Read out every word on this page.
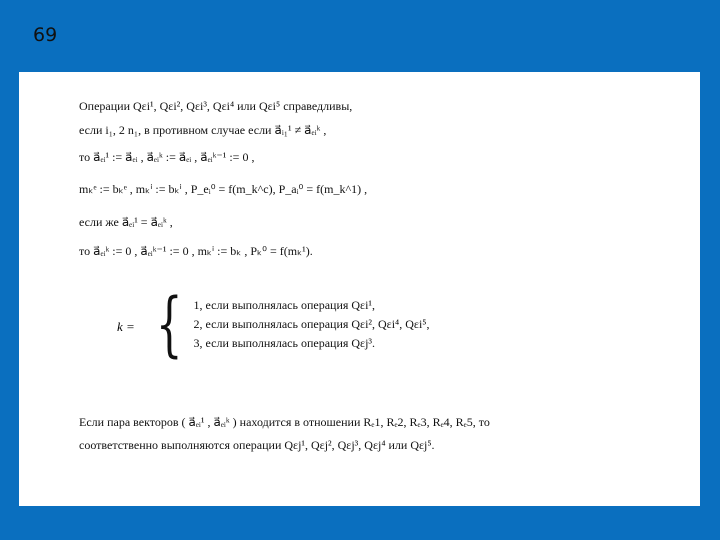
69
Операции Qεi¹, Qεi², Qεi³, Qεi⁴ или Qεi⁵ справедливы,
если i₁, 2 n₁, в противном случае если a⃗ᵢ₁¹ ≠ a⃗ₑᵢᵏ ,
то a⃗ₑᵢ¹ := a⃗ₑᵢ , a⃗ₑᵢᵏ := a⃗ₑᵢ , a⃗ₑᵢᵏ⁻¹ := 0 ,
mₖᵉ := bₖᵉ , mₖⁱ := bₖⁱ , P_eᵢ⁰ = f(m_k^c), P_aᵢ⁰ = f(m_k^1) ,
если же a⃗ₑᵢ¹ = a⃗ₑᵢᵏ ,
то a⃗ₑᵢᵏ := 0 , a⃗ₑᵢᵏ⁻¹ := 0 , mₖⁱ := bₖ , Pₖ⁰ = f(mₖ¹).
k = { 1, если выполнялась операция Qεi¹,
2, если выполнялась операция Qεi², Qεi⁴, Qεi⁵,
3, если выполнялась операция Qεj³.
Если пара векторов ( a⃗ₑᵢ¹ , a⃗ₑᵢᵏ ) находится в отношении Rₑ1, Rₑ2, Rₑ3, Rₑ4, Rₑ5, то
соответственно выполняются операции Qεj¹, Qεj², Qεj³, Qεj⁴ или Qεj⁵.
